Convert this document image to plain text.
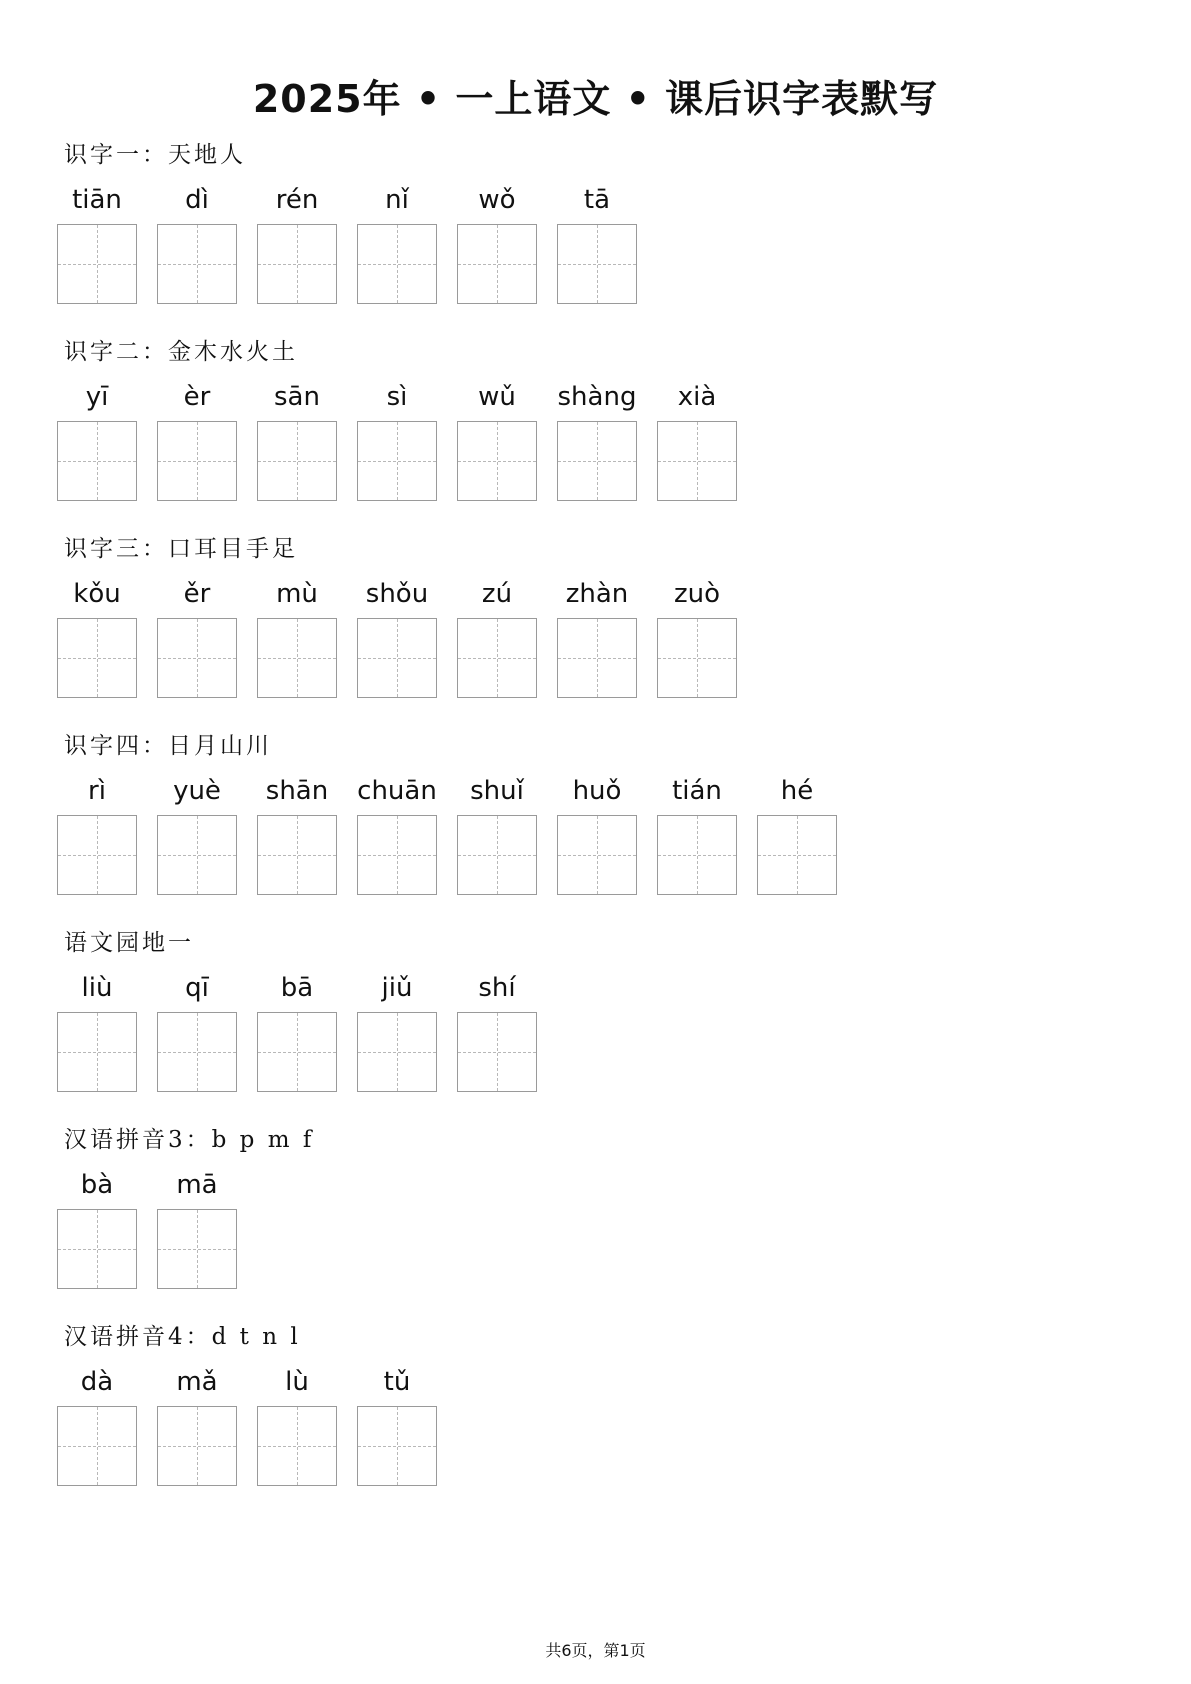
2025年 • 一上语文 • 课后识字表默写
识字一：天地人
tiān	dì	rén	nǐ	wǒ	tā
识字二：金木水火土
yī	èr	sān	sì	wǔ	shàng	xià
识字三：口耳目手足
kǒu	ěr	mù	shǒu	zú	zhàn	zuò
识字四：日月山川
rì	yuè	shān	chuān	shuǐ	huǒ	tián	hé
语文园地一
liù	qī	bā	jiǔ	shí
汉语拼音3：b p m f
bà	mā
汉语拼音4：d t n l
dà	mǎ	lù	tǔ
共6页，第1页
